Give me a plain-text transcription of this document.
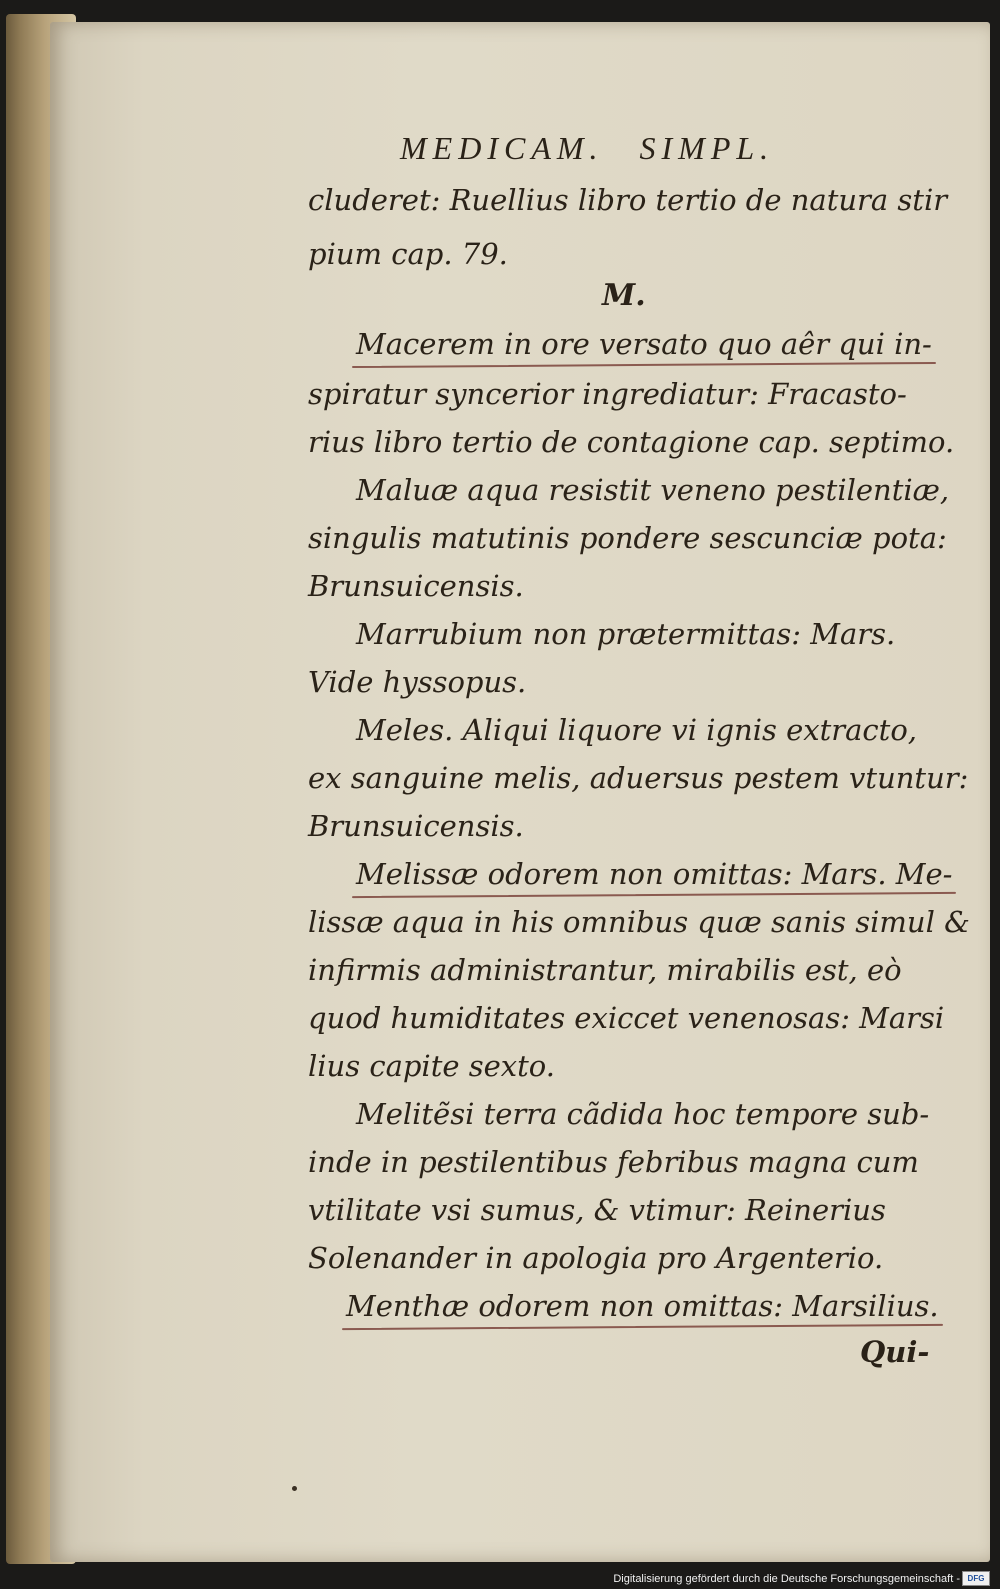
MEDICAM. SIMPL.
cluderet: Ruellius libro tertio de natura stir
pium cap. 79.
M.
Macerem in ore versato quo aêr qui in-
spiratur syncerior ingrediatur: Fracasto-
rius libro tertio de contagione cap. septimo.
Maluæ aqua resistit veneno pestilentiæ,
singulis matutinis pondere sescunciæ pota:
Brunsuicensis.
Marrubium non prætermittas: Mars.
Vide hyssopus.
Meles. Aliqui liquore vi ignis extracto,
ex sanguine melis, aduersus pestem vtuntur:
Brunsuicensis.
Melissæ odorem non omittas: Mars. Me-
lissæ aqua in his omnibus quæ sanis simul &
infirmis administrantur, mirabilis est, eò
quod humiditates exiccet venenosas: Marsi
lius capite sexto.
Melitẽsi terra cãdida hoc tempore sub-
inde in pestilentibus febribus magna cum
vtilitate vsi sumus, & vtimur: Reinerius
Solenander in apologia pro Argenterio.
Menthæ odorem non omittas: Marsilius.
Qui-
Digitalisierung gefördert durch die Deutsche Forschungsgemeinschaft - DFG
